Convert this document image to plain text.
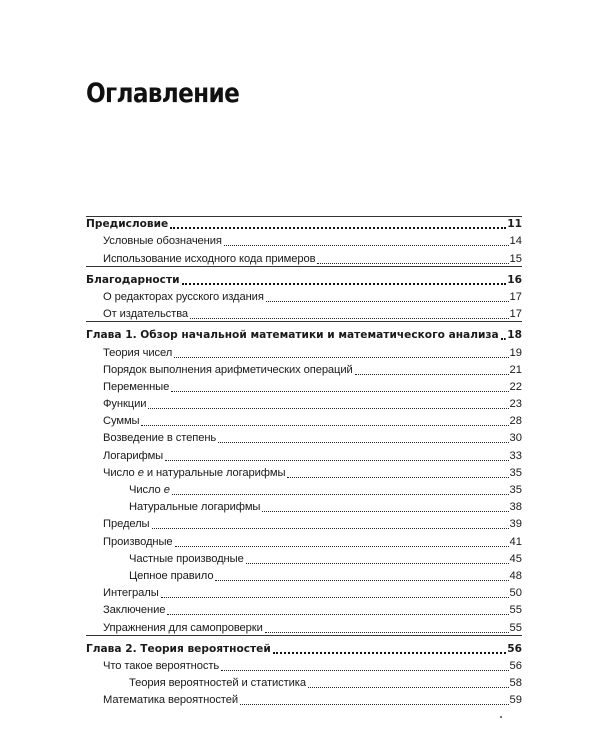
Оглавление
Предисловие	11
Условные обозначения	14
Использование исходного кода примеров	15
Благодарности	16
О редакторах русского издания	17
От издательства	17
Глава 1. Обзор начальной математики и математического анализа 18
Теория чисел	19
Порядок выполнения арифметических операций	21
Переменные	22
Функции	23
Суммы	28
Возведение в степень	30
Логарифмы	33
Число e и натуральные логарифмы	35
Число e	35
Натуральные логарифмы	38
Пределы	39
Производные	41
Частные производные	45
Цепное правило	48
Интегралы	50
Заключение	55
Упражнения для самопроверки	55
Глава 2. Теория вероятностей	56
Что такое вероятность	56
Теория вероятностей и статистика	58
Математика вероятностей	59
